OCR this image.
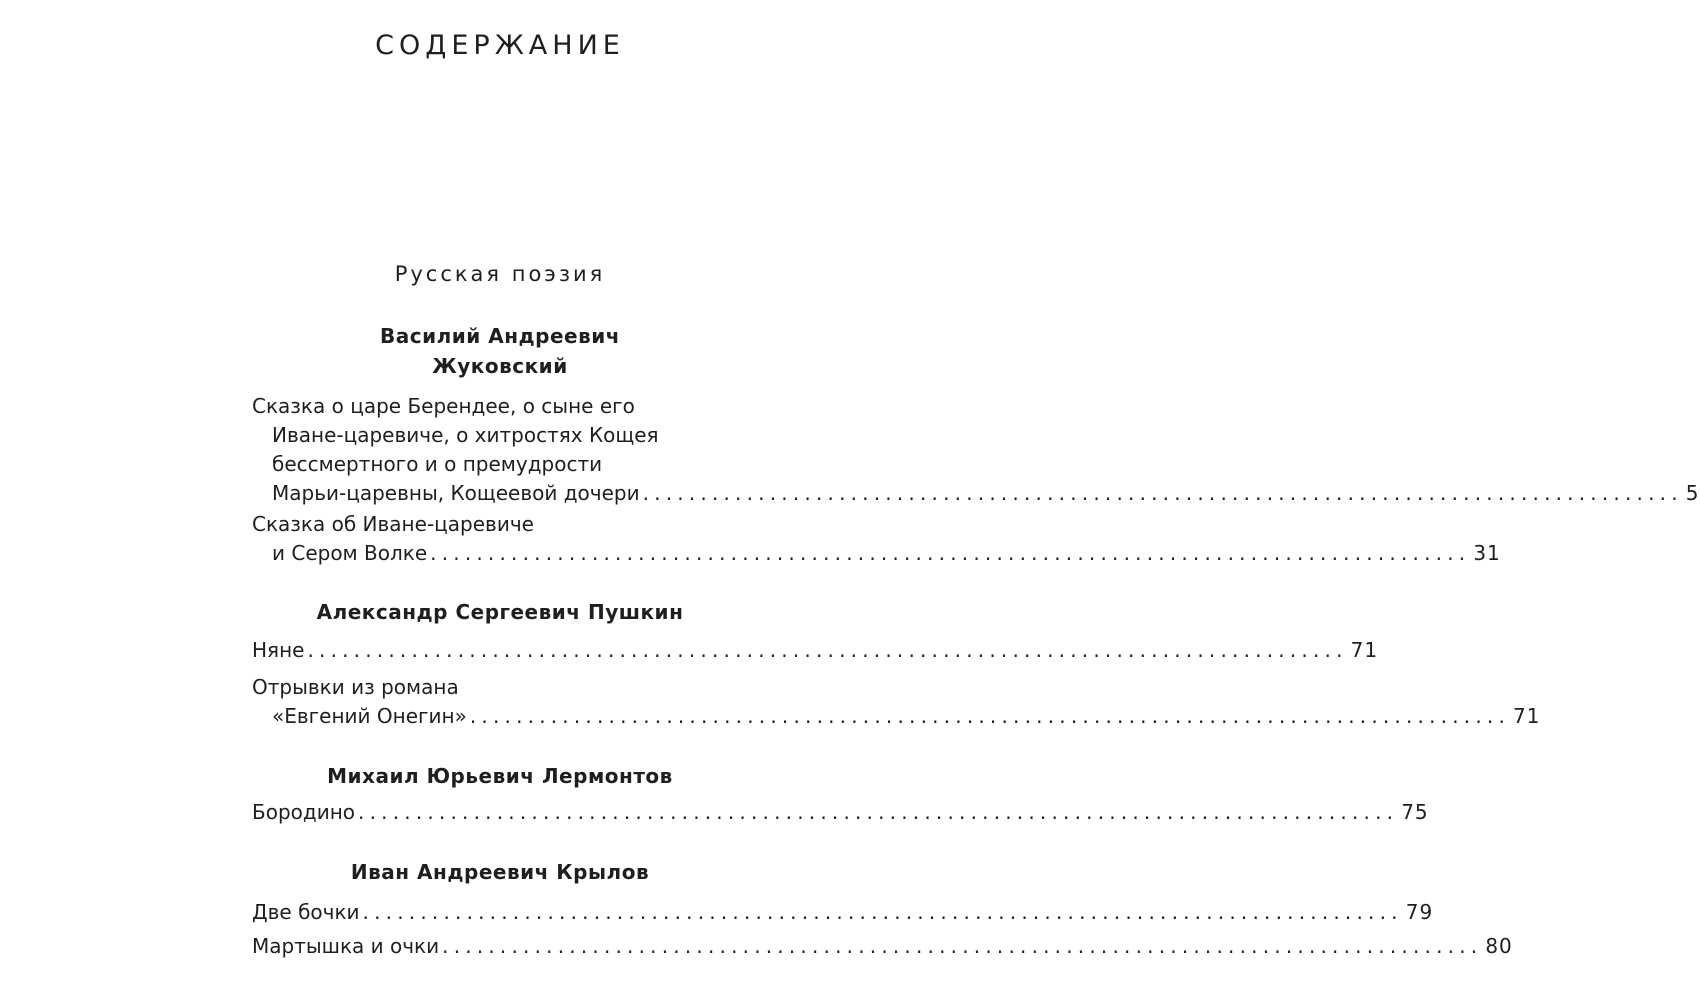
СОДЕРЖАНИЕ
Русская поэзия
Василий Андреевич
Жуковский
Сказка о царе Берендее, о сыне его
Иване-царевиче, о хитростях Кощея
бессмертного и о премудрости
Марьи-царевны, Кощеевой дочери .......................................................................................... 5
Сказка об Иване-царевиче
и Сером Волке .......................................................................................... 31
Александр Сергеевич Пушкин
Няне .......................................................................................... 71
Отрывки из романа
«Евгений Онегин» .......................................................................................... 71
Михаил Юрьевич Лермонтов
Бородино .......................................................................................... 75
Иван Андреевич Крылов
Две бочки .......................................................................................... 79
Мартышка и очки .......................................................................................... 80
